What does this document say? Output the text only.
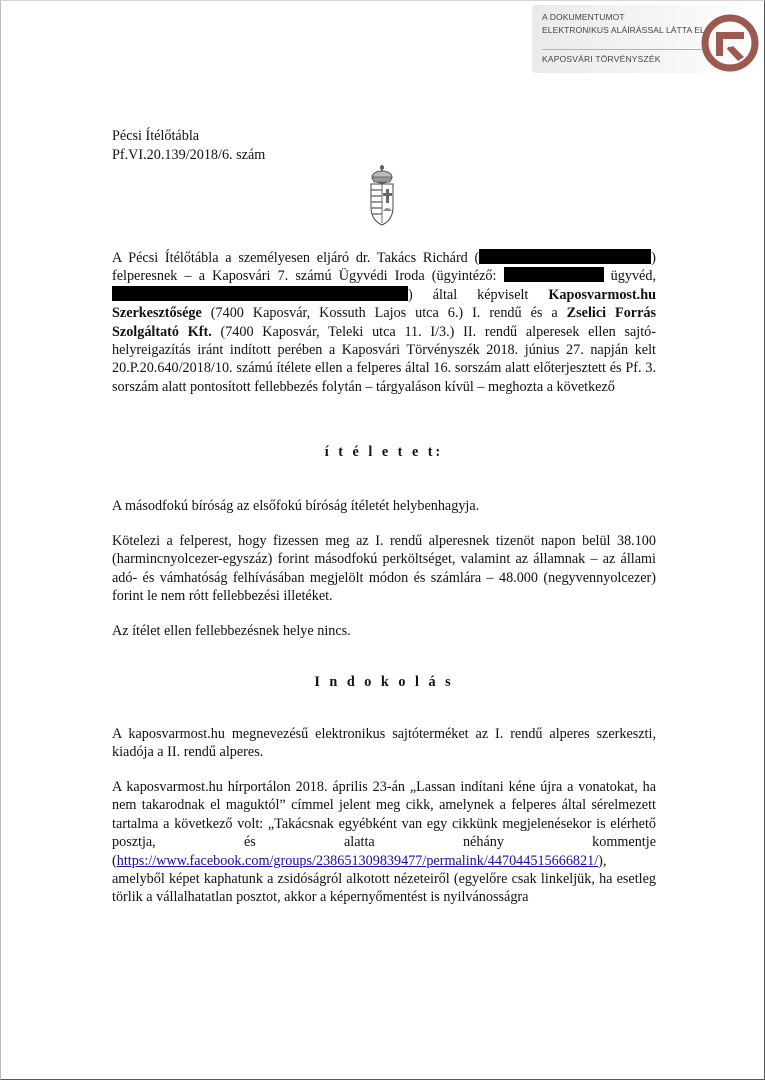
A DOKUMENTUMOT
ELEKTRONIKUS ALÁÍRÁSSAL LÁTTA EL:
KAPOSVÁRI TÖRVÉNYSZÉK
Pécsi Ítélőtábla
Pf.VI.20.139/2018/6. szám

A Pécsi Ítélőtábla a személyesen eljáró dr. Takács Richárd (	) felperesnek – a Kaposvári 7. számú Ügyvédi Iroda (ügyintéző:	ügyvéd, ) által képviselt Kaposvarmost.hu Szerkesztősége (7400 Kaposvár, Kossuth Lajos utca 6.) I. rendű és a Zselici Forrás Szolgáltató Kft. (7400 Kaposvár, Teleki utca 11. I/3.) II. rendű alperesek ellen sajtó-helyreigazítás iránt indított perében a Kaposvári Törvényszék 2018. június 27. napján kelt 20.P.20.640/2018/10. számú ítélete ellen a felperes által 16. sorszám alatt előterjesztett és Pf. 3. sorszám alatt pontosított fellebbezés folytán – tárgyaláson kívül – meghozta a következő

í t é l e t e t:

A másodfokú bíróság az elsőfokú bíróság ítéletét helybenhagyja.

Kötelezi a felperest, hogy fizessen meg az I. rendű alperesnek tizenöt napon belül 38.100 (harmincnyolcezer-egyszáz) forint másodfokú perköltséget, valamint az államnak – az állami adó- és vámhatóság felhívásában megjelölt módon és számlára – 48.000 (negyvennyolcezer) forint le nem rótt fellebbezési illetéket.

Az ítélet ellen fellebbezésnek helye nincs.

I n d o k o l á s

A kaposvarmost.hu megnevezésű elektronikus sajtóterméket az I. rendű alperes szerkeszti, kiadója a II. rendű alperes.

A kaposvarmost.hu hírportálon 2018. április 23-án „Lassan indítani kéne újra a vonatokat, ha nem takarodnak el maguktól” címmel jelent meg cikk, amelynek a felperes által sérelmezett tartalma a következő volt: „Takácsnak egyébként van egy cikkünk megjelenésekor is elérhető posztja, és alatta néhány kommentje (https://www.facebook.com/groups/238651309839477/permalink/447044515666821/), amelyből képet kaphatunk a zsidóságról alkotott nézeteiről (egyelőre csak linkeljük, ha esetleg törlik a vállalhatatlan posztot, akkor a képernyőmentést is nyilvánosságra
